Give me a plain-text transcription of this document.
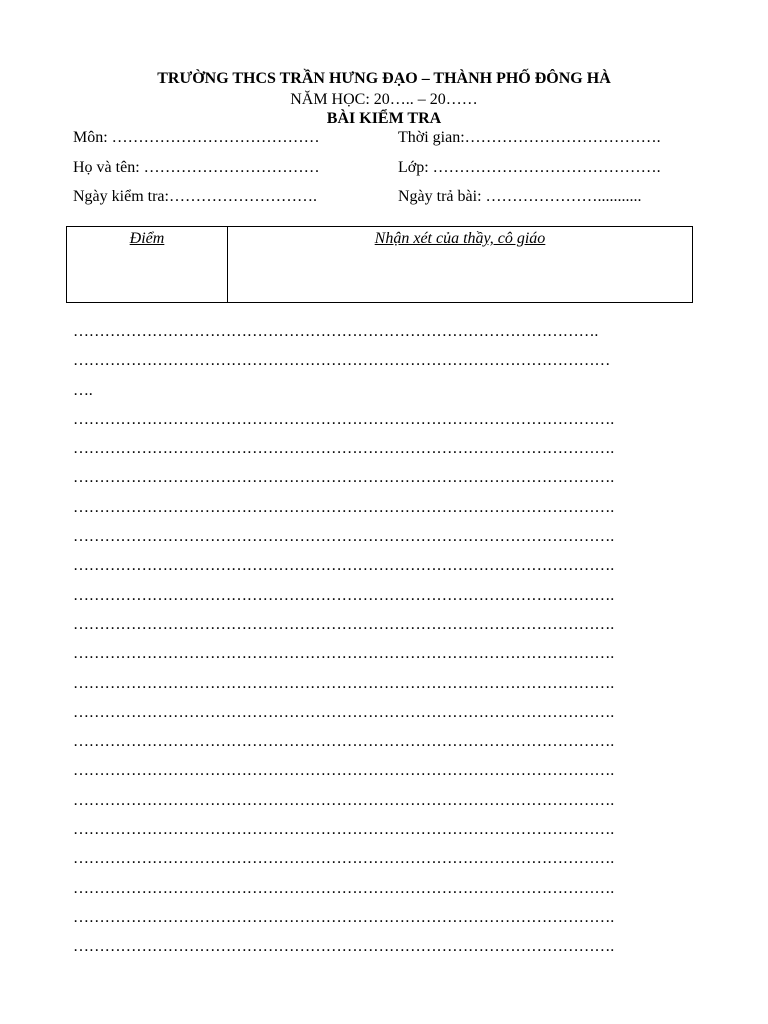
TRƯỜNG THCS TRẦN HƯNG ĐẠO – THÀNH PHỐ ĐÔNG HÀ
NĂM HỌC: 20….. – 20……
BÀI KIỂM TRA
Môn: …………………………………	Thời gian:……………………………….
Họ và tên: ……………………………	Lớp: …………………………………….
Ngày kiểm tra:……………………….	Ngày trả bài: …………………...........
Điểm	Nhận xét của thầy, cô giáo
……………………………………………………………………………………….
…………………………………………………………………………………………
….
………………………………………………………………………………………….
………………………………………………………………………………………….
………………………………………………………………………………………….
………………………………………………………………………………………….
………………………………………………………………………………………….
………………………………………………………………………………………….
………………………………………………………………………………………….
………………………………………………………………………………………….
………………………………………………………………………………………….
………………………………………………………………………………………….
………………………………………………………………………………………….
………………………………………………………………………………………….
………………………………………………………………………………………….
………………………………………………………………………………………….
………………………………………………………………………………………….
………………………………………………………………………………………….
………………………………………………………………………………………….
………………………………………………………………………………………….
………………………………………………………………………………………….
